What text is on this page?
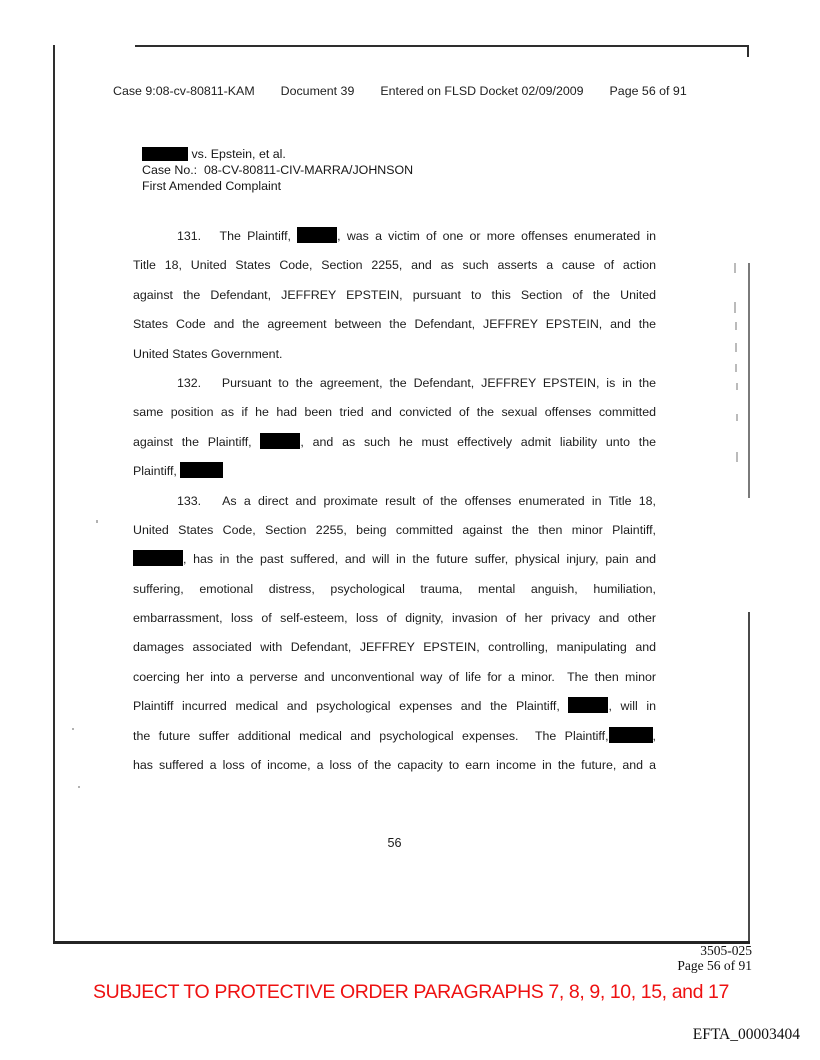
Case 9:08-cv-80811-KAM Document 39 Entered on FLSD Docket 02/09/2009 Page 56 of 91
vs. Epstein, et al.
Case No.:  08-CV-80811-CIV-MARRA/JOHNSON
First Amended Complaint
131.   The Plaintiff,	, was a victim of one or more offenses enumerated in
Title 18, United States Code, Section 2255, and as such asserts a cause of action
against the Defendant, JEFFREY EPSTEIN, pursuant to this Section of the United
States Code and the agreement between the Defendant, JEFFREY EPSTEIN, and the
United States Government.
132.   Pursuant to the agreement, the Defendant, JEFFREY EPSTEIN, is in the
same position as if he had been tried and convicted of the sexual offenses committed
against the Plaintiff,	, and as such he must effectively admit liability unto the
Plaintiff,
133.   As a direct and proximate result of the offenses enumerated in Title 18,
United States Code, Section 2255, being committed against the then minor Plaintiff,
, has in the past suffered, and will in the future suffer, physical injury, pain and
suffering, emotional distress, psychological trauma, mental anguish, humiliation,
embarrassment, loss of self-esteem, loss of dignity, invasion of her privacy and other
damages associated with Defendant, JEFFREY EPSTEIN, controlling, manipulating and
coercing her into a perverse and unconventional way of life for a minor.  The then minor
Plaintiff incurred medical and psychological expenses and the Plaintiff,	, will in
the future suffer additional medical and psychological expenses.  The Plaintiff,	,
has suffered a loss of income, a loss of the capacity to earn income in the future, and a
56
3505-025
Page 56 of 91
SUBJECT TO PROTECTIVE ORDER PARAGRAPHS 7, 8, 9, 10, 15, and 17
EFTA_00003404
